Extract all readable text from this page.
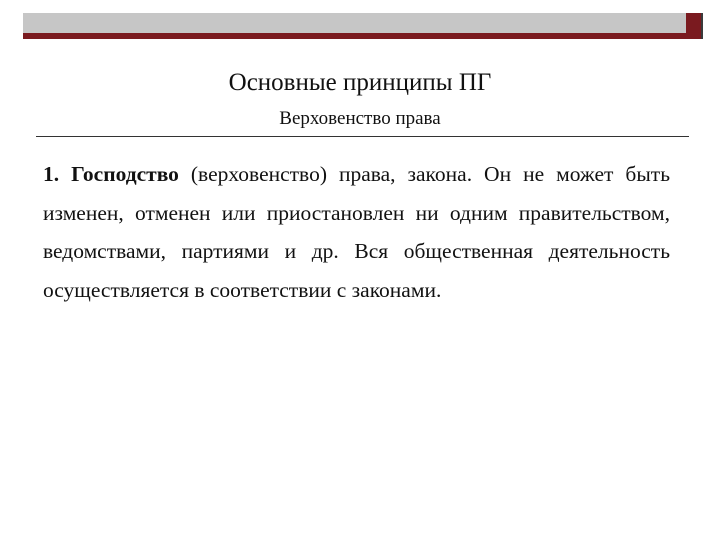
Основные принципы ПГ
Верховенство права
1. Господство (верховенство) права, закона. Он не может быть изменен, отменен или приостановлен ни одним правительством, ведомствами, партиями и др. Вся общественная деятельность осуществляется в соответствии с законами.
